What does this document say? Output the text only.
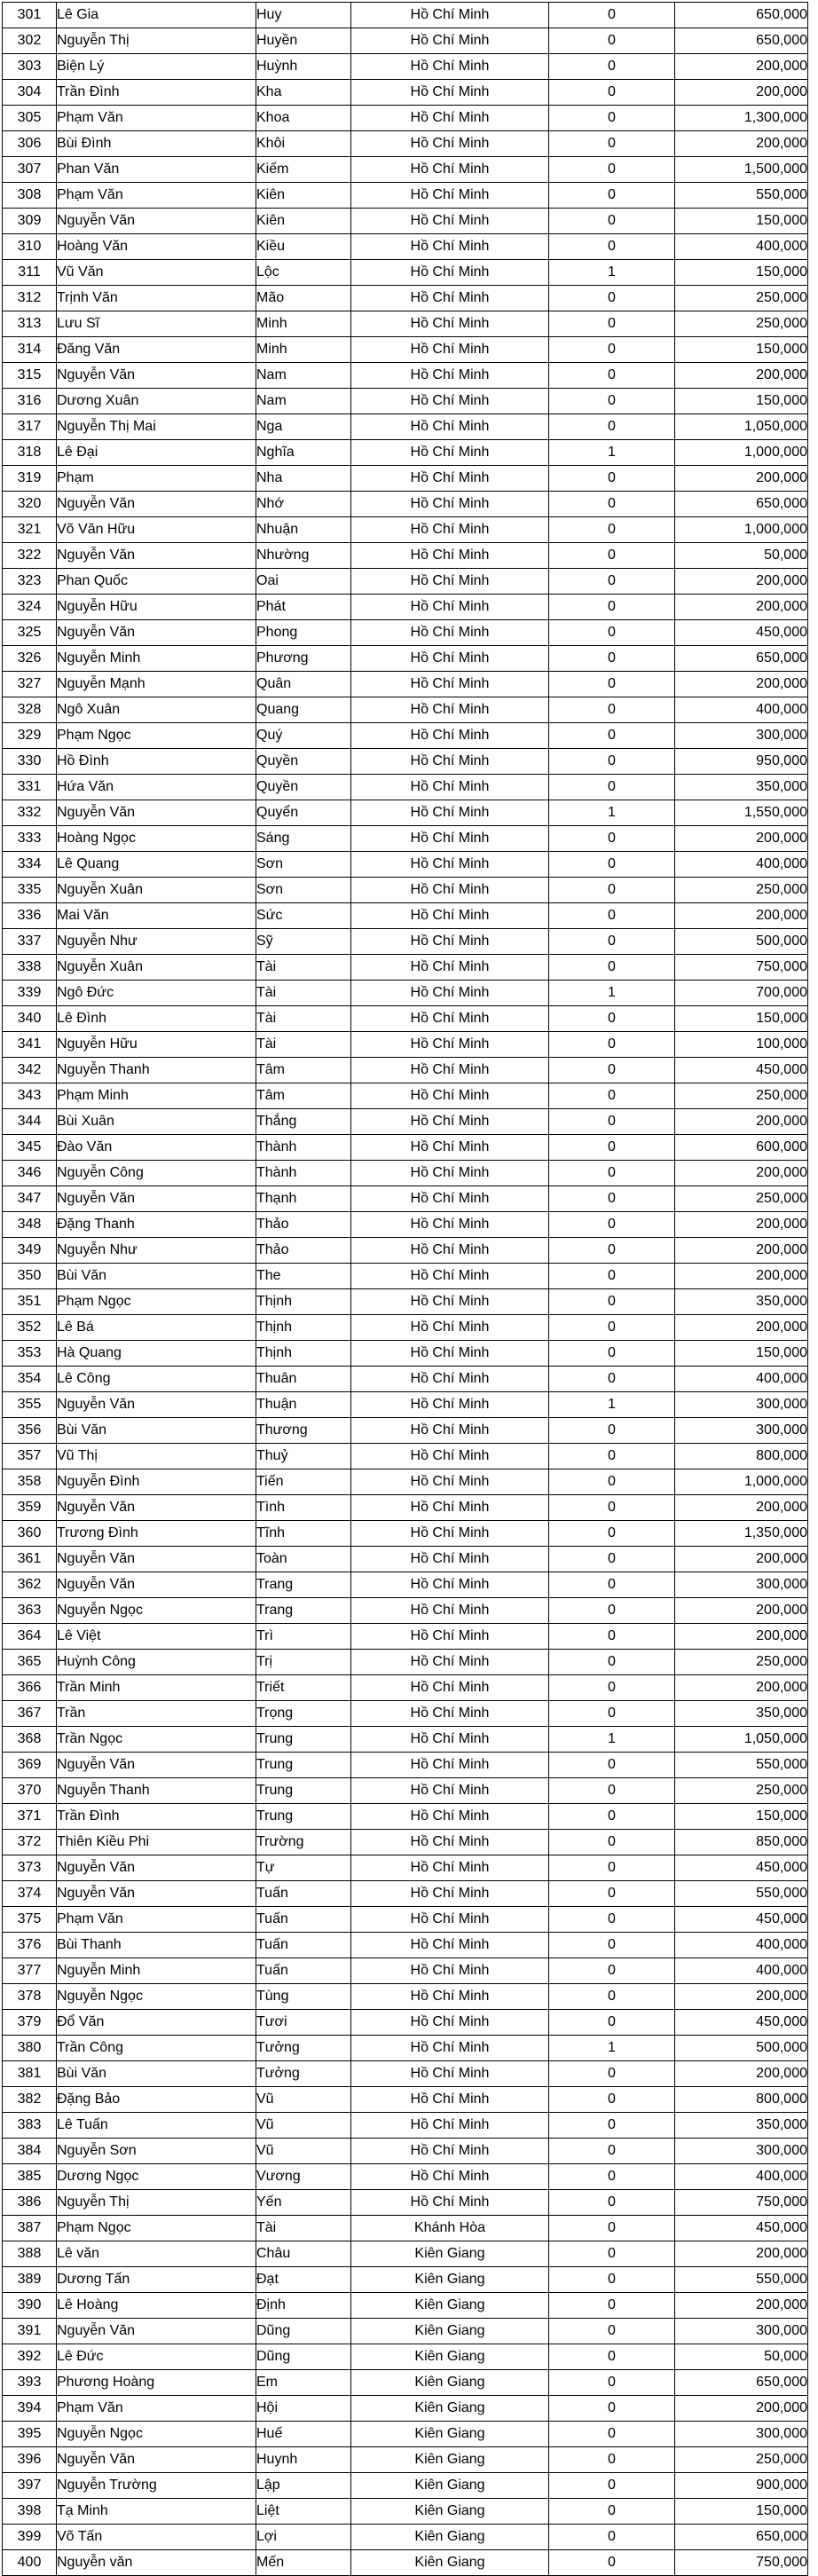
301	Lê Gia	Huy	Hồ Chí Minh	0	650,000
302	Nguyễn Thị	Huyền	Hồ Chí Minh	0	650,000
303	Biện Lý	Huỳnh	Hồ Chí Minh	0	200,000
304	Trần Đình	Kha	Hồ Chí Minh	0	200,000
305	Phạm Văn	Khoa	Hồ Chí Minh	0	1,300,000
306	Bùi Đình	Khôi	Hồ Chí Minh	0	200,000
307	Phan Văn	Kiếm	Hồ Chí Minh	0	1,500,000
308	Phạm Văn	Kiên	Hồ Chí Minh	0	550,000
309	Nguyễn Văn	Kiên	Hồ Chí Minh	0	150,000
310	Hoàng Văn	Kiều	Hồ Chí Minh	0	400,000
311	Vũ Văn	Lộc	Hồ Chí Minh	1	150,000
312	Trịnh Văn	Mão	Hồ Chí Minh	0	250,000
313	Lưu Sĩ	Minh	Hồ Chí Minh	0	250,000
314	Đăng Văn	Minh	Hồ Chí Minh	0	150,000
315	Nguyễn Văn	Nam	Hồ Chí Minh	0	200,000
316	Dương Xuân	Nam	Hồ Chí Minh	0	150,000
317	Nguyễn Thị Mai	Nga	Hồ Chí Minh	0	1,050,000
318	Lê Đại	Nghĩa	Hồ Chí Minh	1	1,000,000
319	Phạm	Nha	Hồ Chí Minh	0	200,000
320	Nguyễn Văn	Nhớ	Hồ Chí Minh	0	650,000
321	Võ Văn Hữu	Nhuận	Hồ Chí Minh	0	1,000,000
322	Nguyễn Văn	Nhường	Hồ Chí Minh	0	50,000
323	Phan Quốc	Oai	Hồ Chí Minh	0	200,000
324	Nguyễn Hữu	Phát	Hồ Chí Minh	0	200,000
325	Nguyễn Văn	Phong	Hồ Chí Minh	0	450,000
326	Nguyễn Minh	Phương	Hồ Chí Minh	0	650,000
327	Nguyễn Mạnh	Quân	Hồ Chí Minh	0	200,000
328	Ngô Xuân	Quang	Hồ Chí Minh	0	400,000
329	Phạm Ngọc	Quý	Hồ Chí Minh	0	300,000
330	Hồ Đình	Quyền	Hồ Chí Minh	0	950,000
331	Hứa Văn	Quyền	Hồ Chí Minh	0	350,000
332	Nguyễn Văn	Quyển	Hồ Chí Minh	1	1,550,000
333	Hoàng Ngọc	Sáng	Hồ Chí Minh	0	200,000
334	Lê Quang	Sơn	Hồ Chí Minh	0	400,000
335	Nguyễn Xuân	Sơn	Hồ Chí Minh	0	250,000
336	Mai Văn	Sức	Hồ Chí Minh	0	200,000
337	Nguyễn Như	Sỹ	Hồ Chí Minh	0	500,000
338	Nguyễn Xuân	Tài	Hồ Chí Minh	0	750,000
339	Ngô Đức	Tài	Hồ Chí Minh	1	700,000
340	Lê Đình	Tài	Hồ Chí Minh	0	150,000
341	Nguyễn Hữu	Tài	Hồ Chí Minh	0	100,000
342	Nguyễn Thanh	Tâm	Hồ Chí Minh	0	450,000
343	Phạm Minh	Tâm	Hồ Chí Minh	0	250,000
344	Bùi Xuân	Thắng	Hồ Chí Minh	0	200,000
345	Đào Văn	Thành	Hồ Chí Minh	0	600,000
346	Nguyễn Công	Thành	Hồ Chí Minh	0	200,000
347	Nguyễn Văn	Thạnh	Hồ Chí Minh	0	250,000
348	Đặng Thanh	Thảo	Hồ Chí Minh	0	200,000
349	Nguyễn Như	Thảo	Hồ Chí Minh	0	200,000
350	Bùi Văn	The	Hồ Chí Minh	0	200,000
351	Phạm Ngọc	Thịnh	Hồ Chí Minh	0	350,000
352	Lê Bá	Thịnh	Hồ Chí Minh	0	200,000
353	Hà Quang	Thịnh	Hồ Chí Minh	0	150,000
354	Lê Công	Thuân	Hồ Chí Minh	0	400,000
355	Nguyễn Văn	Thuận	Hồ Chí Minh	1	300,000
356	Bùi Văn	Thương	Hồ Chí Minh	0	300,000
357	Vũ Thị	Thuỷ	Hồ Chí Minh	0	800,000
358	Nguyễn Đình	Tiến	Hồ Chí Minh	0	1,000,000
359	Nguyễn Văn	Tình	Hồ Chí Minh	0	200,000
360	Trương Đình	Tĩnh	Hồ Chí Minh	0	1,350,000
361	Nguyễn Văn	Toàn	Hồ Chí Minh	0	200,000
362	Nguyễn Văn	Trang	Hồ Chí Minh	0	300,000
363	Nguyễn Ngọc	Trang	Hồ Chí Minh	0	200,000
364	Lê Việt	Trì	Hồ Chí Minh	0	200,000
365	Huỳnh Công	Trị	Hồ Chí Minh	0	250,000
366	Trần Minh	Triết	Hồ Chí Minh	0	200,000
367	Trần	Trọng	Hồ Chí Minh	0	350,000
368	Trần Ngọc	Trung	Hồ Chí Minh	1	1,050,000
369	Nguyễn Văn	Trung	Hồ Chí Minh	0	550,000
370	Nguyễn Thanh	Trung	Hồ Chí Minh	0	250,000
371	Trần Đình	Trung	Hồ Chí Minh	0	150,000
372	Thiên Kiều Phi	Trường	Hồ Chí Minh	0	850,000
373	Nguyễn Văn	Tự	Hồ Chí Minh	0	450,000
374	Nguyễn Văn	Tuấn	Hồ Chí Minh	0	550,000
375	Phạm Văn	Tuấn	Hồ Chí Minh	0	450,000
376	Bùi Thanh	Tuấn	Hồ Chí Minh	0	400,000
377	Nguyễn Minh	Tuấn	Hồ Chí Minh	0	400,000
378	Nguyễn Ngọc	Tùng	Hồ Chí Minh	0	200,000
379	Đổ Văn	Tươi	Hồ Chí Minh	0	450,000
380	Trần Công	Tưởng	Hồ Chí Minh	1	500,000
381	Bùi Văn	Tưởng	Hồ Chí Minh	0	200,000
382	Đặng Bảo	Vũ	Hồ Chí Minh	0	800,000
383	Lê Tuấn	Vũ	Hồ Chí Minh	0	350,000
384	Nguyễn Sơn	Vũ	Hồ Chí Minh	0	300,000
385	Dương Ngọc	Vương	Hồ Chí Minh	0	400,000
386	Nguyễn Thị	Yến	Hồ Chí Minh	0	750,000
387	Phạm Ngọc	Tài	Khánh Hòa	0	450,000
388	Lê văn	Châu	Kiên Giang	0	200,000
389	Dương Tấn	Đạt	Kiên Giang	0	550,000
390	Lê Hoàng	Định	Kiên Giang	0	200,000
391	Nguyễn Văn	Dũng	Kiên Giang	0	300,000
392	Lê Đức	Dũng	Kiên Giang	0	50,000
393	Phương Hoàng	Em	Kiên Giang	0	650,000
394	Phạm Văn	Hội	Kiên Giang	0	200,000
395	Nguyễn Ngọc	Huế	Kiên Giang	0	300,000
396	Nguyễn Văn	Huynh	Kiên Giang	0	250,000
397	Nguyễn Trường	Lập	Kiên Giang	0	900,000
398	Tạ Minh	Liệt	Kiên Giang	0	150,000
399	Võ Tấn	Lợi	Kiên Giang	0	650,000
400	Nguyễn văn	Mến	Kiên Giang	0	750,000
